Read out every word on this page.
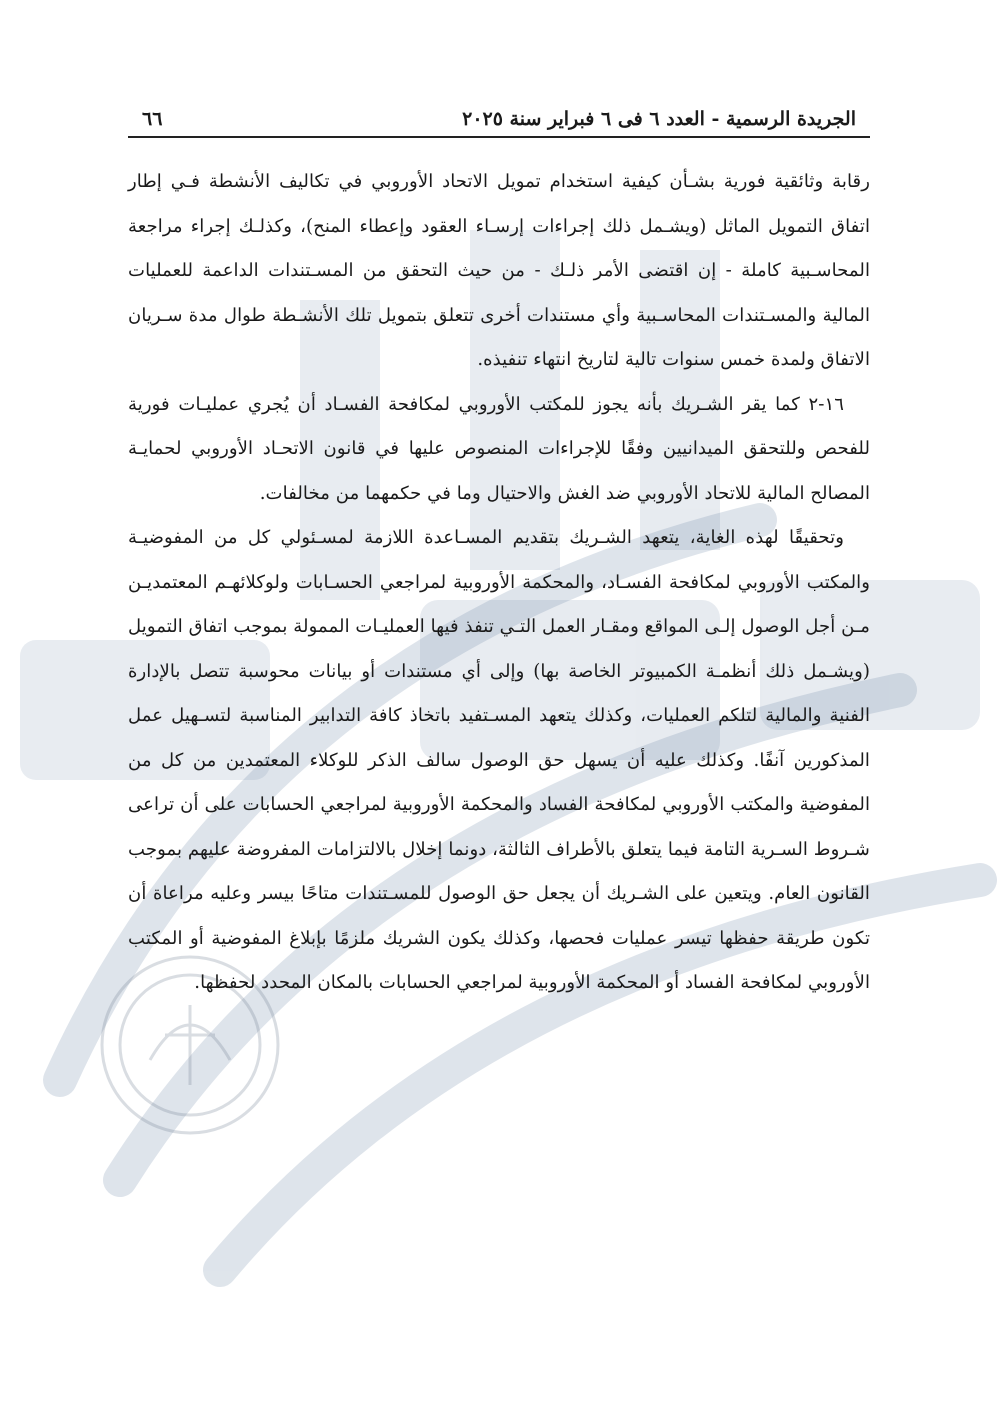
الجريدة الرسمية - العدد ٦ فى ٦ فبراير سنة ٢٠٢٥
٦٦

رقابة وثائقية فورية بشـأن كيفية استخدام تمويل الاتحاد الأوروبي في تكاليف الأنشطة فـي إطار اتفاق التمويل الماثل (ويشـمل ذلك إجراءات إرسـاء العقود وإعطاء المنح)، وكذلـك إجراء مراجعة المحاسـبية كاملة - إن اقتضى الأمر ذلـك - من حيث التحقق من المسـتندات الداعمة للعمليات المالية والمسـتندات المحاسـبية وأي مستندات أخرى تتعلق بتمويل تلك الأنشـطة طوال مدة سـريان الاتفاق ولمدة خمس سنوات تالية لتاريخ انتهاء تنفيذه.

١٦-٢ كما يقر الشـريك بأنه يجوز للمكتب الأوروبي لمكافحة الفسـاد أن يُجري عمليـات فورية للفحص وللتحقق الميدانيين وفقًا للإجراءات المنصوص عليها في قانون الاتحـاد الأوروبي لحمايـة المصالح المالية للاتحاد الأوروبي ضد الغش والاحتيال وما في حكمهما من مخالفات.

وتحقيقًا لهذه الغاية، يتعهد الشـريك بتقديم المسـاعدة اللازمة لمسـئولي كل من المفوضيـة والمكتب الأوروبي لمكافحة الفسـاد، والمحكمة الأوروبية لمراجعي الحسـابات ولوكلائهـم المعتمديـن مـن أجل الوصول إلـى المواقع ومقـار العمل التـي تنفذ فيها العمليـات الممولة بموجب اتفاق التمويل (ويشـمل ذلك أنظمـة الكمبيوتر الخاصة بها) وإلى أي مستندات أو بيانات محوسبة تتصل بالإدارة الفنية والمالية لتلكم العمليات، وكذلك يتعهد المسـتفيد باتخاذ كافة التدابير المناسبة لتسـهيل عمل المذكورين آنفًا. وكذلك عليه أن يسهل حق الوصول سالف الذكر للوكلاء المعتمدين من كل من المفوضية والمكتب الأوروبي لمكافحة الفساد والمحكمة الأوروبية لمراجعي الحسابات على أن تراعى شـروط السـرية التامة فيما يتعلق بالأطراف الثالثة، دونما إخلال بالالتزامات المفروضة عليهم بموجب القانون العام. ويتعين على الشـريك أن يجعل حق الوصول للمسـتندات متاحًا بيسر وعليه مراعاة أن تكون طريقة حفظها تيسر عمليات فحصها، وكذلك يكون الشريك ملزمًا بإبلاغ المفوضية أو المكتب الأوروبي لمكافحة الفساد أو المحكمة الأوروبية لمراجعي الحسابات بالمكان المحدد لحفظها.
